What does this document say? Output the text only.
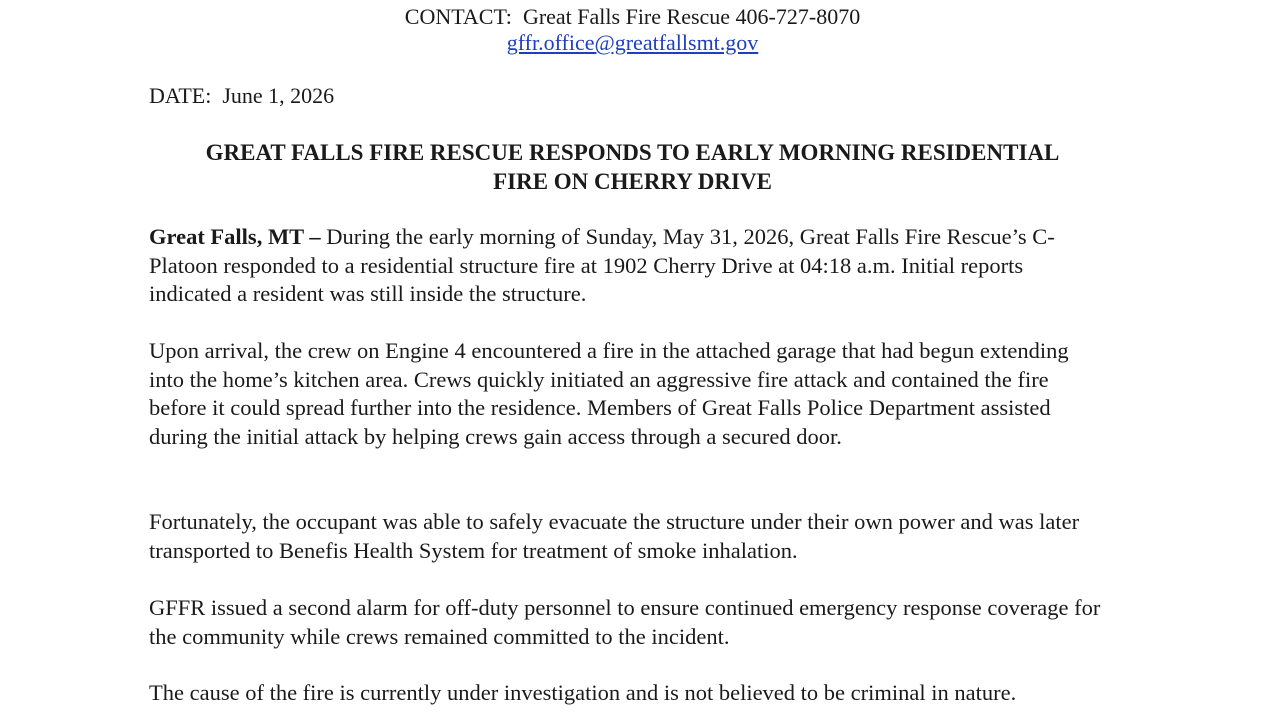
CONTACT: Great Falls Fire Rescue 406-727-8070
gffr.office@greatfallsmt.gov
DATE: June 1, 2026
GREAT FALLS FIRE RESCUE RESPONDS TO EARLY MORNING RESIDENTIAL
FIRE ON CHERRY DRIVE

Great Falls, MT – During the early morning of Sunday, May 31, 2026, Great Falls Fire Rescue’s C-Platoon responded to a residential structure fire at 1902 Cherry Drive at 04:18 a.m. Initial reports indicated a resident was still inside the structure.

Upon arrival, the crew on Engine 4 encountered a fire in the attached garage that had begun extending into the home’s kitchen area. Crews quickly initiated an aggressive fire attack and contained the fire before it could spread further into the residence. Members of Great Falls Police Department assisted during the initial attack by helping crews gain access through a secured door.

Fortunately, the occupant was able to safely evacuate the structure under their own power and was later transported to Benefis Health System for treatment of smoke inhalation.

GFFR issued a second alarm for off-duty personnel to ensure continued emergency response coverage for the community while crews remained committed to the incident.

The cause of the fire is currently under investigation and is not believed to be criminal in nature.
